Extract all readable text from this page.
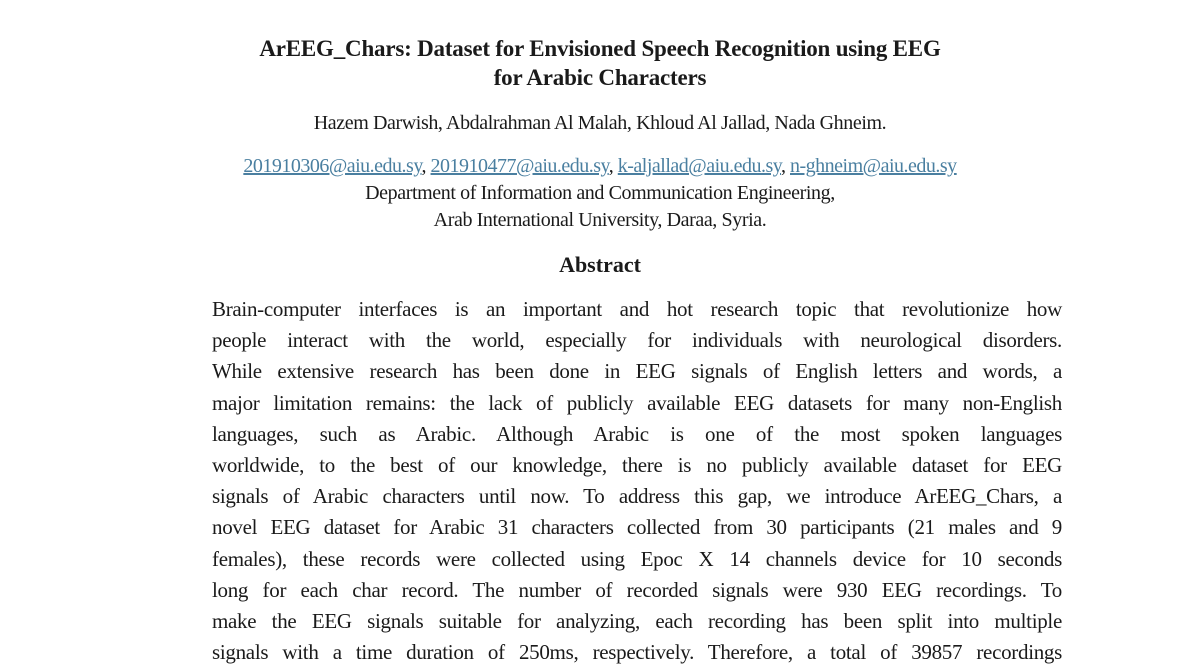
ArEEG_Chars: Dataset for Envisioned Speech Recognition using EEG
for Arabic Characters
Hazem Darwish, Abdalrahman Al Malah, Khloud Al Jallad, Nada Ghneim.
201910306@aiu.edu.sy, 201910477@aiu.edu.sy, k-aljallad@aiu.edu.sy, n-ghneim@aiu.edu.sy
Department of Information and Communication Engineering,
Arab International University, Daraa, Syria.
Abstract
Brain-computer interfaces is an important and hot research topic that revolutionize how
people interact with the world, especially for individuals with neurological disorders.
While extensive research has been done in EEG signals of English letters and words, a
major limitation remains: the lack of publicly available EEG datasets for many non-English
languages, such as Arabic. Although Arabic is one of the most spoken languages
worldwide, to the best of our knowledge, there is no publicly available dataset for EEG
signals of Arabic characters until now. To address this gap, we introduce ArEEG_Chars, a
novel EEG dataset for Arabic 31 characters collected from 30 participants (21 males and 9
females), these records were collected using Epoc X 14 channels device for 10 seconds
long for each char record. The number of recorded signals were 930 EEG recordings. To
make the EEG signals suitable for analyzing, each recording has been split into multiple
signals with a time duration of 250ms, respectively. Therefore, a total of 39857 recordings
